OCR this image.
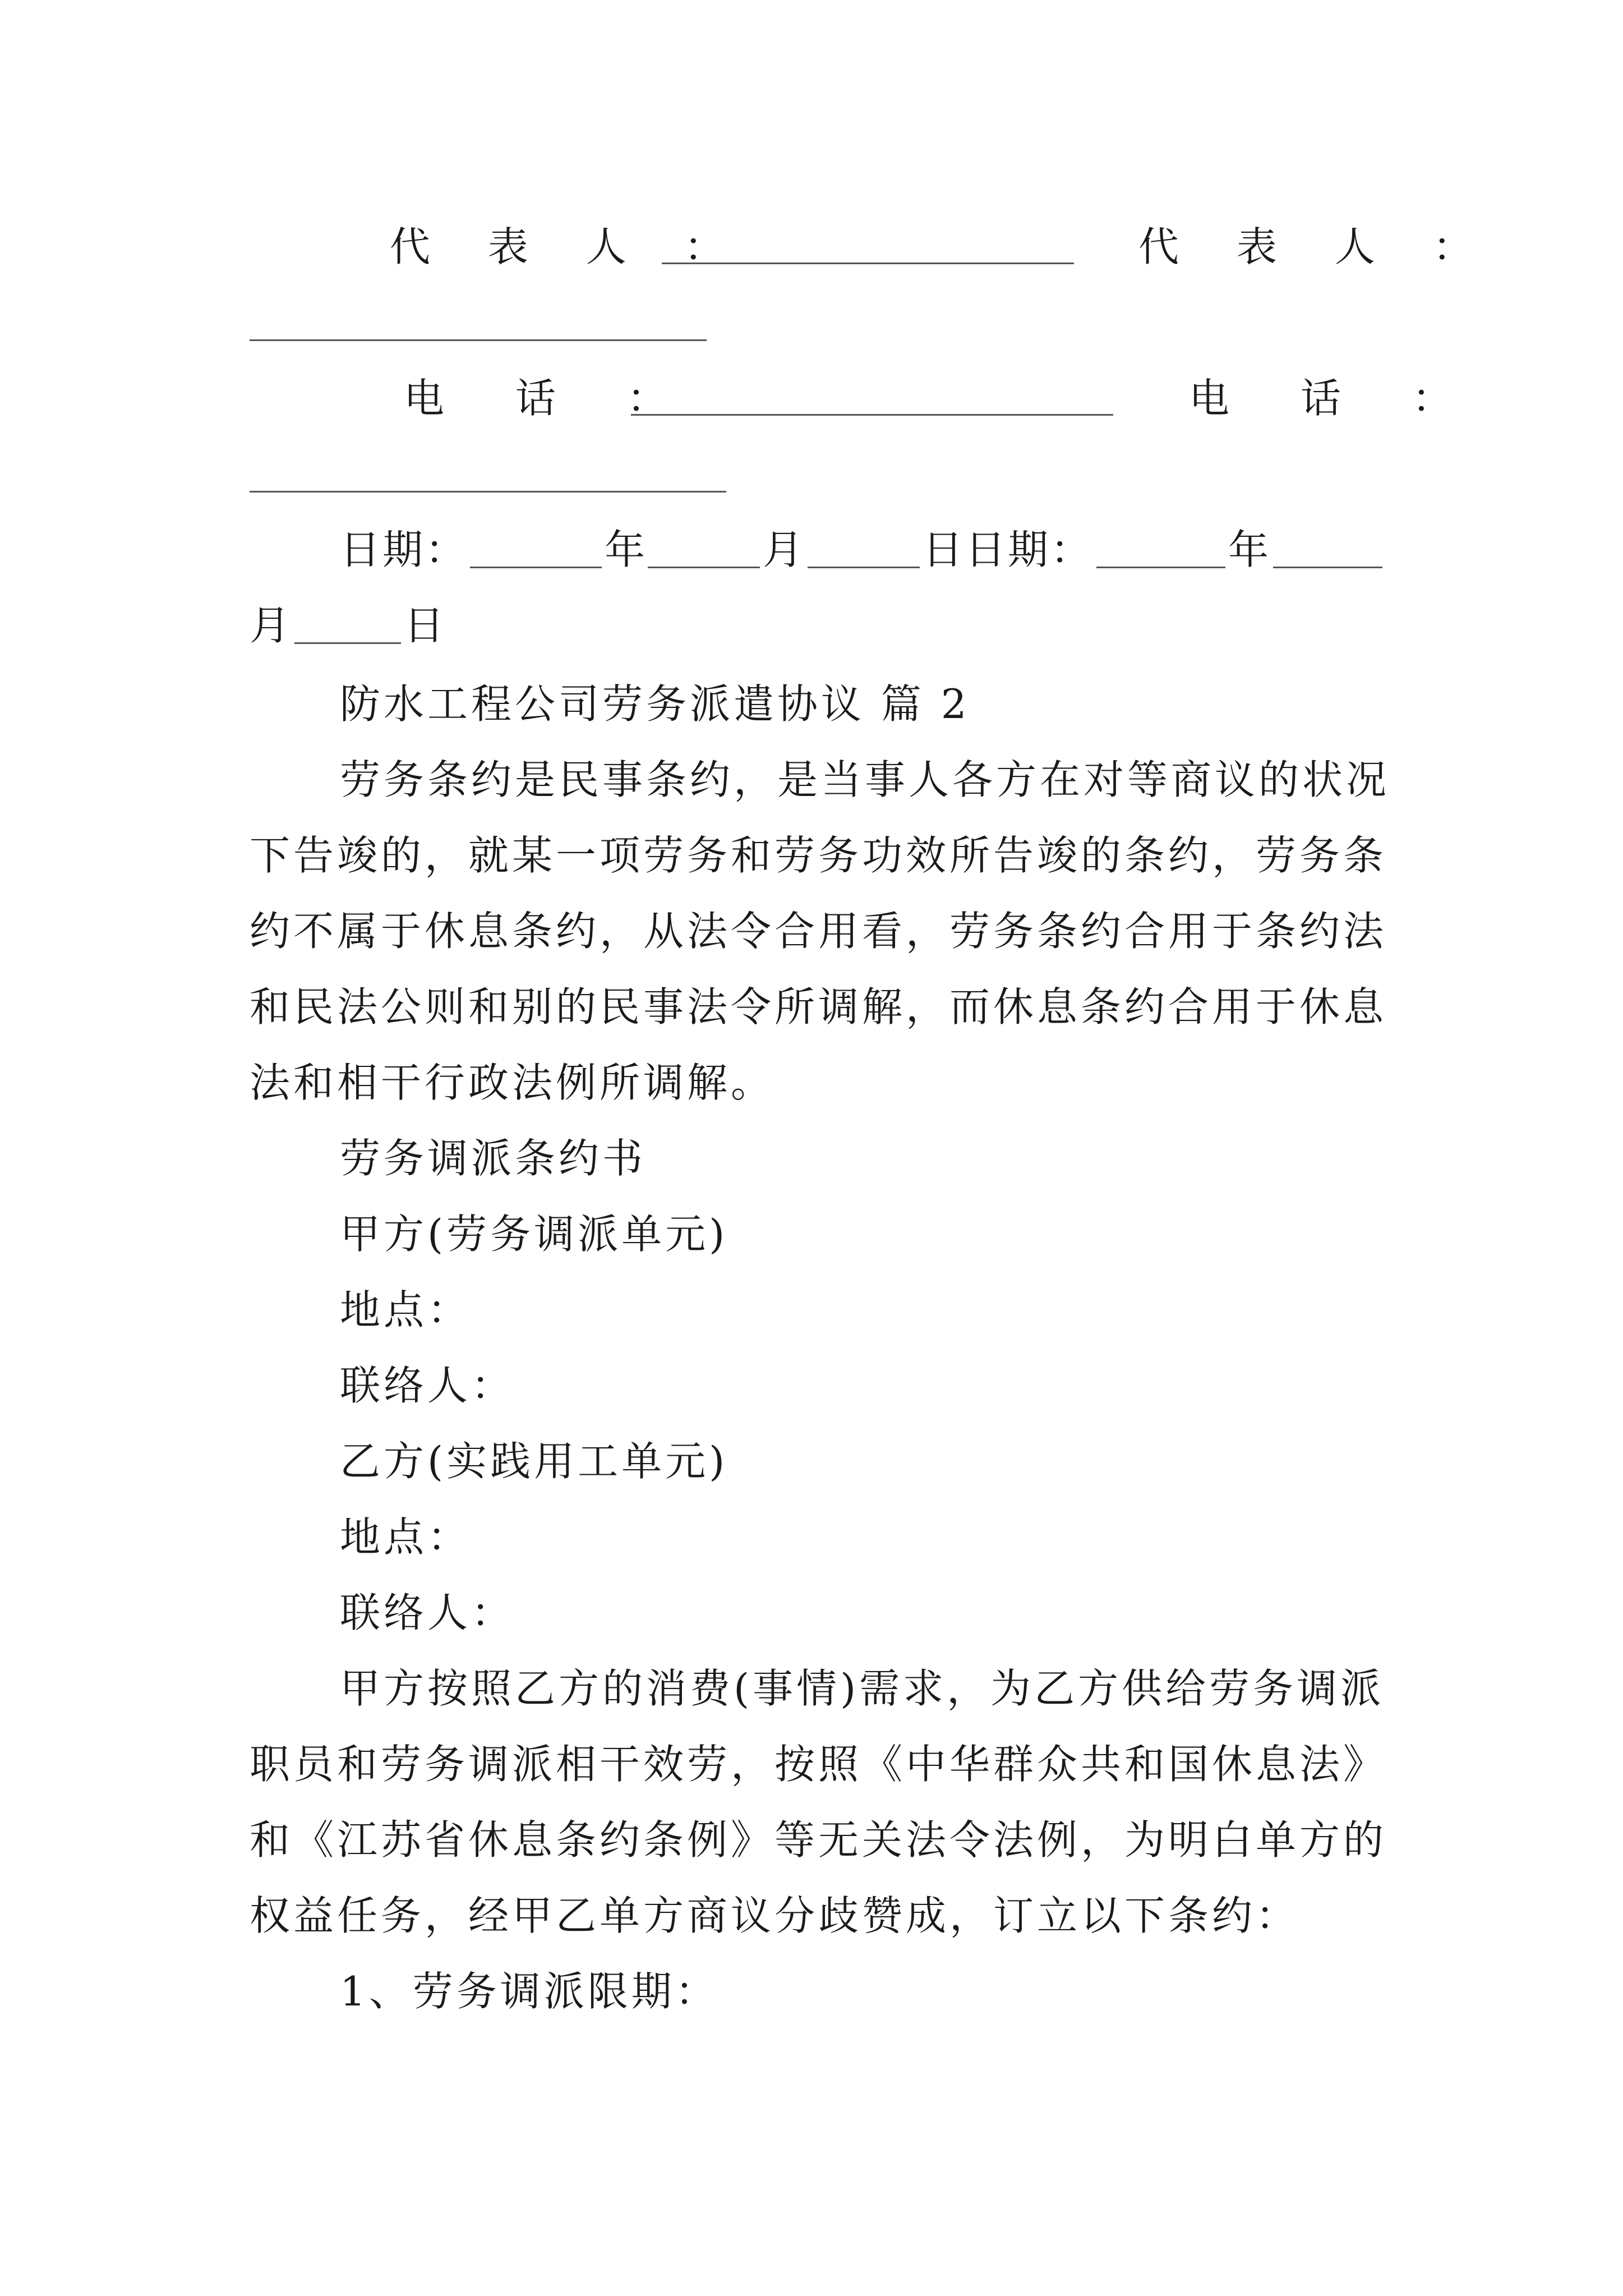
代 表 人 ：	代 表 人 ：
电 话 ：	电 话 ：
日期：	年	月	日日期：	年
月	日
防水工程公司劳务派遣协议 篇 2
劳务条约是民事条约，是当事人各方在对等商议的状况
下告竣的，就某一项劳务和劳务功效所告竣的条约，劳务条
约不属于休息条约，从法令合用看，劳务条约合用于条约法
和民法公则和别的民事法令所调解，而休息条约合用于休息
法和相干行政法例所调解。
劳务调派条约书
甲方(劳务调派单元)
地点：
联络人：
乙方(实践用工单元)
地点：
联络人：
甲方按照乙方的消费(事情)需求，为乙方供给劳务调派
职员和劳务调派相干效劳，按照《中华群众共和国休息法》
和《江苏省休息条约条例》等无关法令法例，为明白单方的
权益任务，经甲乙单方商议分歧赞成，订立以下条约：
1、劳务调派限期：
